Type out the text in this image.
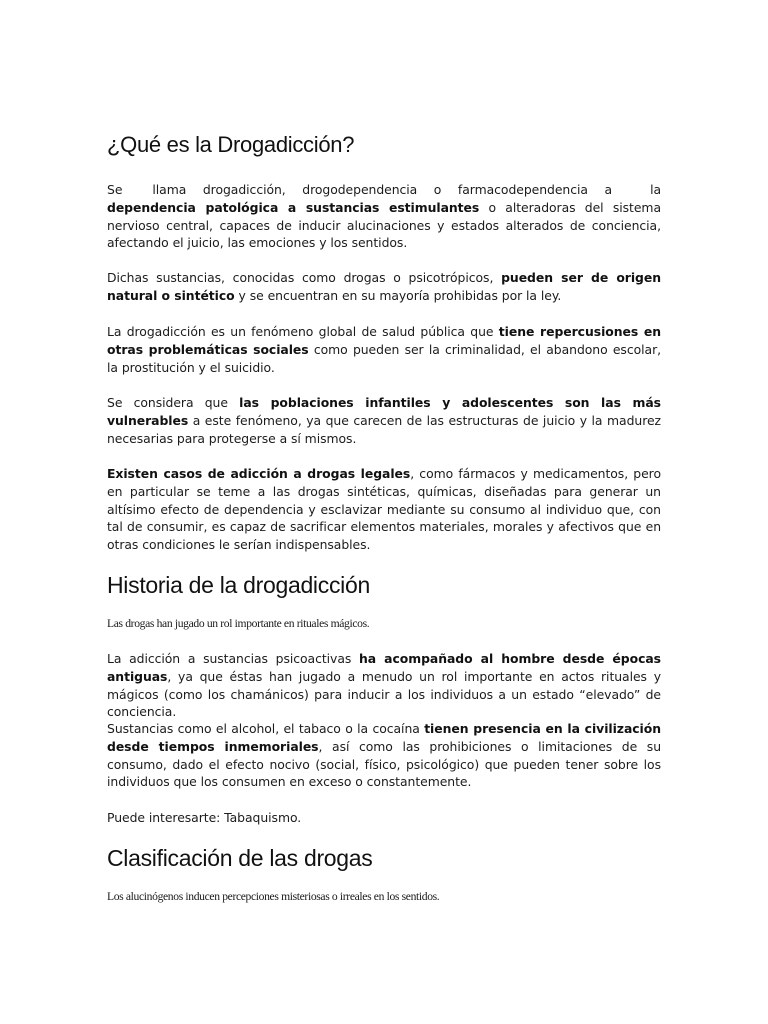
¿Qué es la Drogadicción?

Se llama drogadicción, drogodependencia o farmacodependencia a	la dependencia patológica a sustancias estimulantes o alteradoras del sistema nervioso central, capaces de inducir alucinaciones y estados alterados de conciencia, afectando el juicio, las emociones y los sentidos.

Dichas sustancias, conocidas como drogas o psicotrópicos, pueden ser de origen natural o sintético y se encuentran en su mayoría prohibidas por la ley.

La drogadicción es un fenómeno global de salud pública que tiene repercusiones en otras problemáticas sociales como pueden ser la criminalidad, el abandono escolar, la prostitución y el suicidio.

Se considera que las poblaciones infantiles y adolescentes son las más vulnerables a este fenómeno, ya que carecen de las estructuras de juicio y la madurez necesarias para protegerse a sí mismos.

Existen casos de adicción a drogas legales, como fármacos y medicamentos, pero en particular se teme a las drogas sintéticas, químicas, diseñadas para generar un altísimo efecto de dependencia y esclavizar mediante su consumo al individuo que, con tal de consumir, es capaz de sacrificar elementos materiales, morales y afectivos que en otras condiciones le serían indispensables.

Historia de la drogadicción

Las drogas han jugado un rol importante en rituales mágicos.

La adicción a sustancias psicoactivas ha acompañado al hombre desde épocas antiguas, ya que éstas han jugado a menudo un rol importante en actos rituales y mágicos (como los chamánicos) para inducir a los individuos a un estado “elevado” de conciencia.

Sustancias como el alcohol, el tabaco o la cocaína tienen presencia en la civilización desde tiempos inmemoriales, así como las prohibiciones o limitaciones de su consumo, dado el efecto nocivo (social, físico, psicológico) que pueden tener sobre los individuos que los consumen en exceso o constantemente.

Puede interesarte: Tabaquismo.

Clasificación de las drogas

Los alucinógenos inducen percepciones misteriosas o irreales en los sentidos.
